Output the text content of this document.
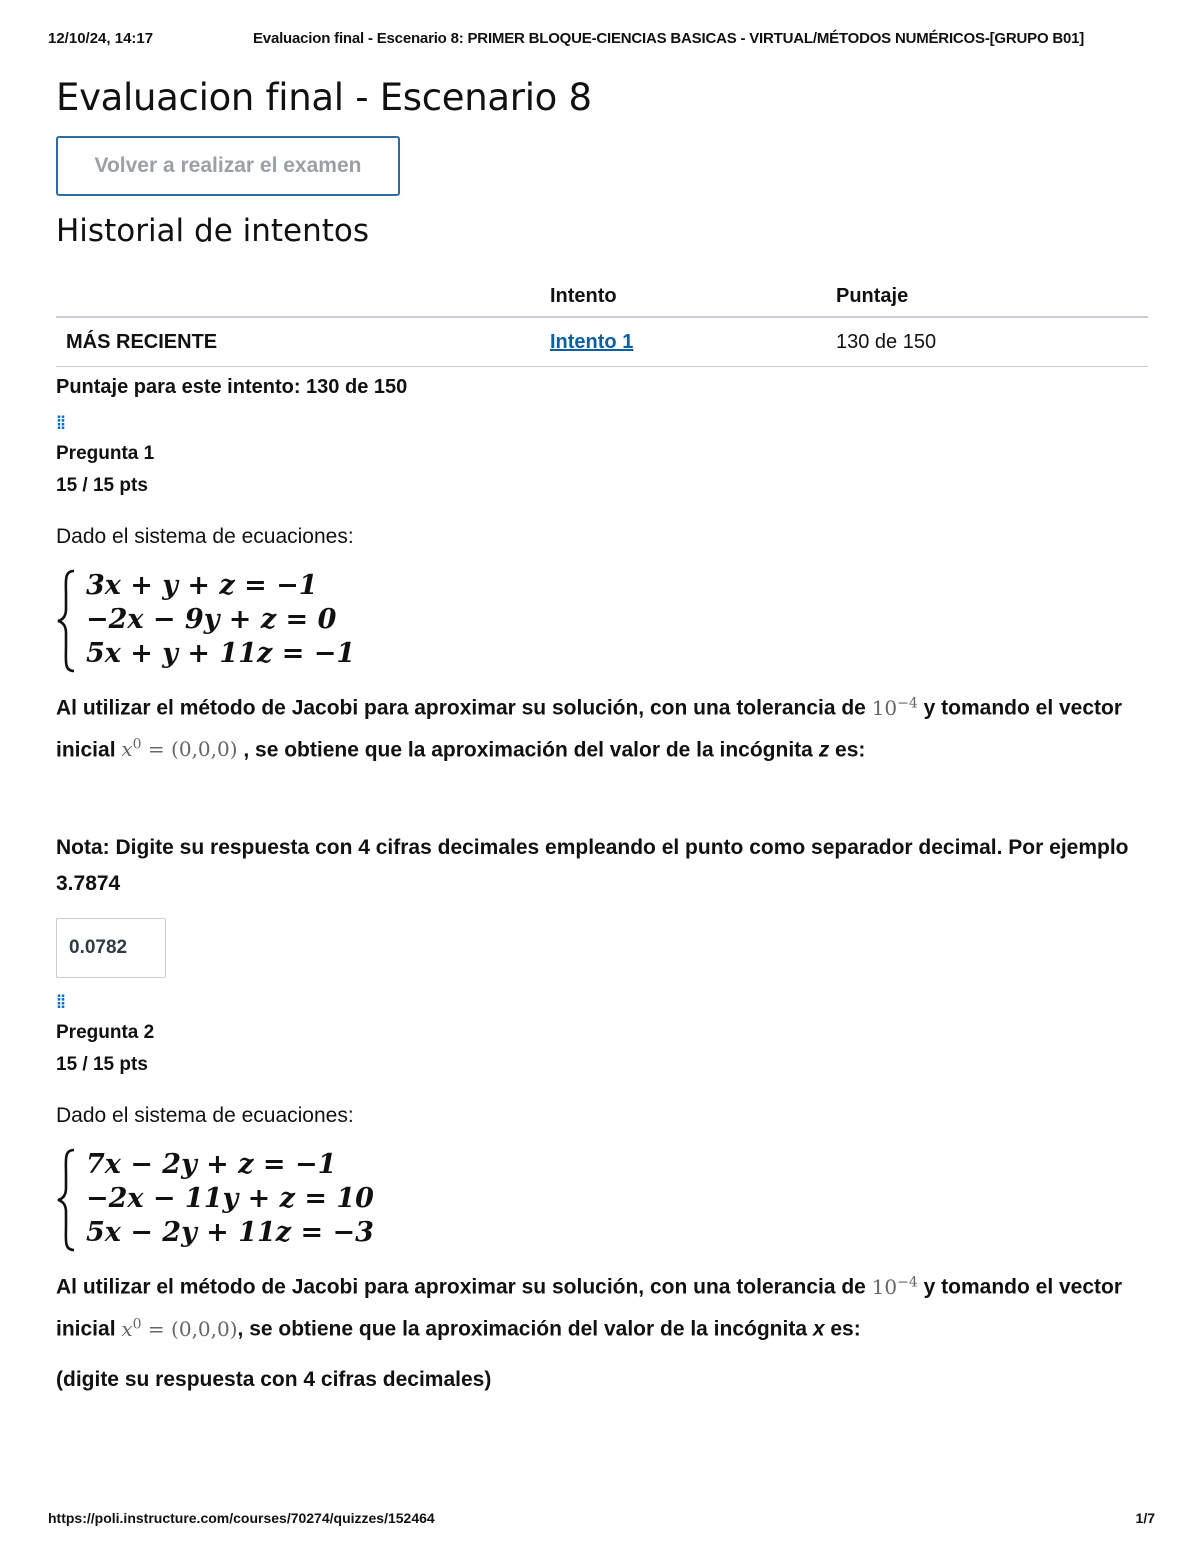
12/10/24, 14:17	Evaluacion final - Escenario 8: PRIMER BLOQUE-CIENCIAS BASICAS - VIRTUAL/MÉTODOS NUMÉRICOS-[GRUPO B01]
Evaluacion final - Escenario 8
Volver a realizar el examen
Historial de intentos
	Intento	Puntaje
MÁS RECIENTE	Intento 1	130 de 150
Puntaje para este intento: 130 de 150
⁞⁞
Pregunta 1
15 / 15 pts
Dado el sistema de ecuaciones:
3x + y + z = −1
−2x − 9y + z = 0
5x + y + 11z = −1
Al utilizar el método de Jacobi para aproximar su solución, con una tolerancia de $10^{-4}$ y tomando el vector inicial $x^0 = (0,0,0)$ , se obtiene que la aproximación del valor de la incógnita z es:
Nota: Digite su respuesta con 4 cifras decimales empleando el punto como separador decimal. Por ejemplo 3.7874
0.0782
⁞⁞
Pregunta 2
15 / 15 pts
Dado el sistema de ecuaciones:
7x − 2y + z = −1
−2x − 11y + z = 10
5x − 2y + 11z = −3
Al utilizar el método de Jacobi para aproximar su solución, con una tolerancia de $10^{-4}$ y tomando el vector inicial $x^0 = (0,0,0)$, se obtiene que la aproximación del valor de la incógnita x es:
(digite su respuesta con 4 cifras decimales)
https://poli.instructure.com/courses/70274/quizzes/152464	1/7
